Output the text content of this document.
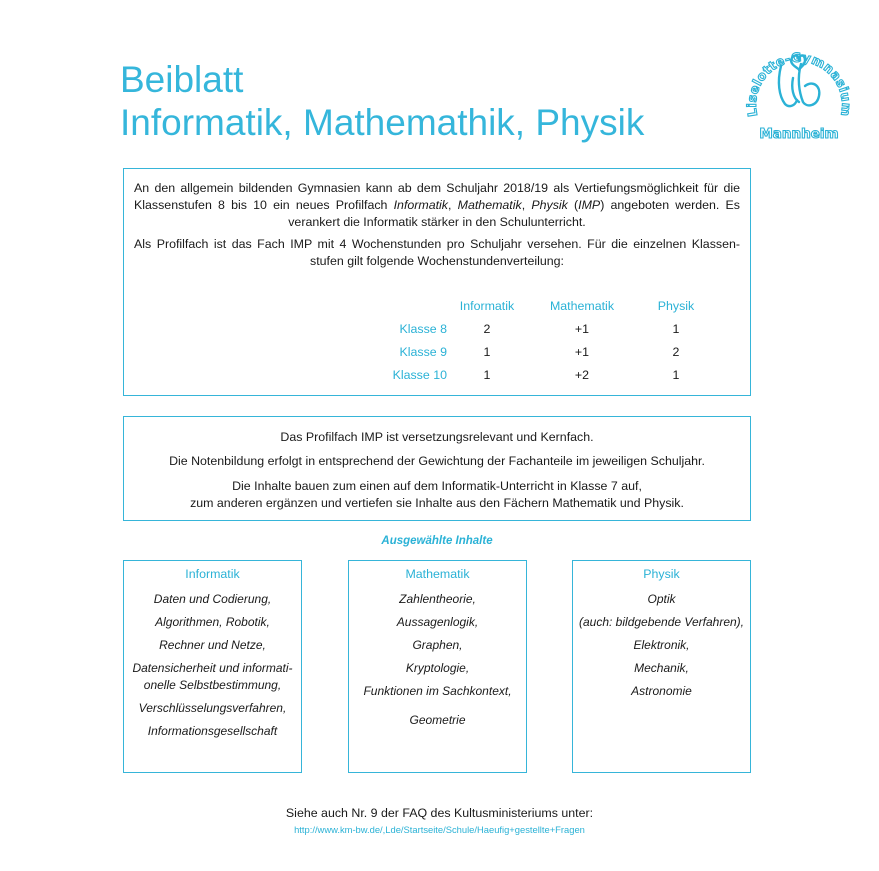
Beiblatt
Informatik, Mathemathik, Physik	Liselotte-Gymnasium
Mannheim
An den allgemein bildenden Gymnasien kann ab dem Schuljahr 2018/19 als Vertiefungsmöglichkeit für die Klassenstufen 8 bis 10 ein neues Profilfach Informatik, Mathematik, Physik (IMP) angeboten werden. Es verankert die Informatik stärker in den Schulunterricht.
Als Profilfach ist das Fach IMP mit 4 Wochenstunden pro Schuljahr versehen. Für die einzelnen Klassen-stufen gilt folgende Wochenstundenverteilung:
	Informatik	Mathematik	Physik
Klasse 8	2	+1	1
Klasse 9	1	+1	2
Klasse 10	1	+2	1
Das Profilfach IMP ist versetzungsrelevant und Kernfach.
Die Notenbildung erfolgt in entsprechend der Gewichtung der Fachanteile im jeweiligen Schuljahr.
Die Inhalte bauen zum einen auf dem Informatik-Unterricht in Klasse 7 auf,
zum anderen ergänzen und vertiefen sie Inhalte aus den Fächern Mathematik und Physik.
Ausgewählte Inhalte
Informatik
Daten und Codierung,
Algorithmen, Robotik,
Rechner und Netze,
Datensicherheit und informati-onelle Selbstbestimmung,
Verschlüsselungsverfahren,
Informationsgesellschaft
Mathematik
Zahlentheorie,
Aussagenlogik,
Graphen,
Kryptologie,
Funktionen im Sachkontext,
Geometrie
Physik
Optik
(auch: bildgebende Verfahren),
Elektronik,
Mechanik,
Astronomie
Siehe auch Nr. 9 der FAQ des Kultusministeriums unter:
http://www.km-bw.de/,Lde/Startseite/Schule/Haeufig+gestellte+Fragen
